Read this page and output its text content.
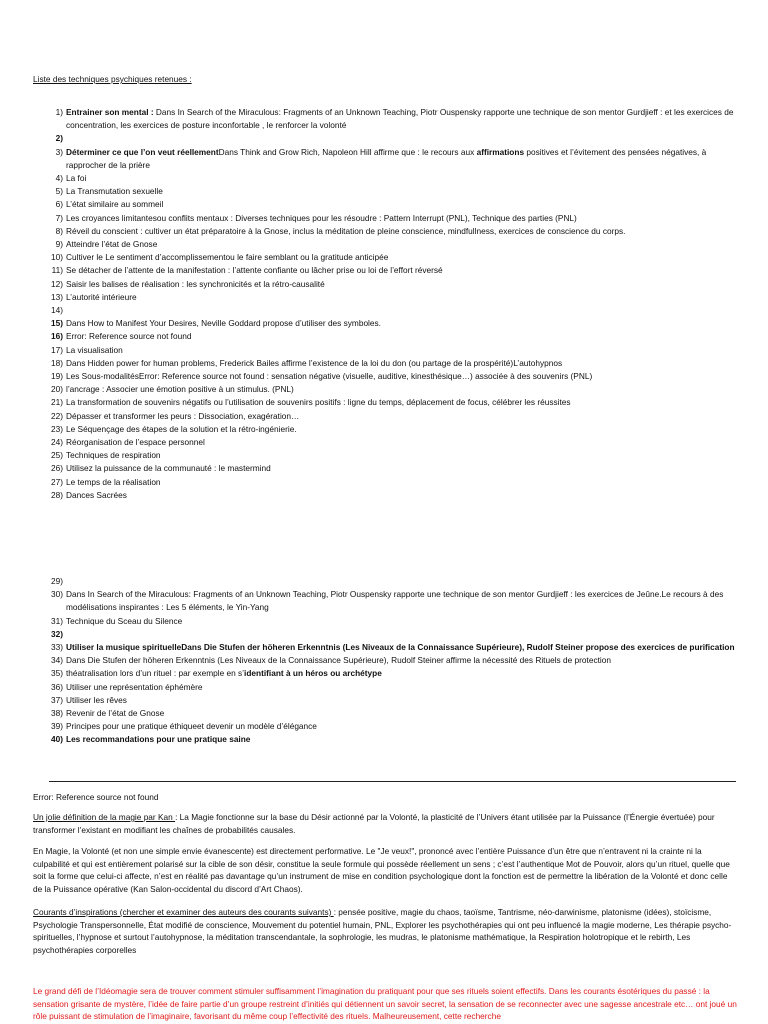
Liste des techniques psychiques retenues :
1) Entrainer son mental : Dans In Search of the Miraculous: Fragments of an Unknown Teaching, Piotr Ouspensky rapporte une technique de son mentor Gurdjieff : et les exercices de concentration, les exercices de posture inconfortable , le renforcer la volonté
2)

3) Déterminer ce que l’on veut réellementDans Think and Grow Rich, Napoleon Hill affirme que : le recours aux affirmations positives et l’évitement des pensées négatives, à rapprocher de la prière
4) La foi
5) La Transmutation sexuelle
6) L’état similaire au sommeil
7) Les croyances limitantesou conflits mentaux : Diverses techniques pour les résoudre : Pattern Interrupt (PNL), Technique des parties (PNL)
8) Réveil du conscient : cultiver un état préparatoire à la Gnose, inclus la méditation de pleine conscience, mindfullness, exercices de conscience du corps.
9) Atteindre l’état de Gnose
10) Cultiver le Le sentiment d’accomplissementou le faire semblant ou la gratitude anticipée
11) Se détacher de l’attente de la manifestation : l’attente confiante ou lâcher prise ou loi de l’effort réversé
12) Saisir les balises de réalisation : les synchronicités et la rétro-causalité
13) L’autorité intérieure
14)

15) Dans How to Manifest Your Desires, Neville Goddard propose d’utiliser des symboles.
16) Error: Reference source not found
17) La visualisation
18) Dans Hidden power for human problems, Frederick Bailes affirme l’existence de la loi du don (ou partage de la prospérité)L’autohypnos
19) Les Sous-modalitésError: Reference source not found : sensation négative (visuelle, auditive, kinesthésique…) associée à des souvenirs (PNL)
20) l’ancrage : Associer une émotion positive à un stimulus. (PNL)
21) La transformation de souvenirs négatifs ou l’utilisation de souvenirs positifs : ligne du temps, déplacement de focus, célébrer les réussites
22) Dépasser et transformer les peurs : Dissociation, exagération…
23) Le Séquençage des étapes de la solution et la rétro-ingénierie.
24) Réorganisation de l’espace personnel
25) Techniques de respiration
26) Utilisez la puissance de la communauté : le mastermind
27) Le temps de la réalisation
28) Dances Sacrées
29)

30) Dans In Search of the Miraculous: Fragments of an Unknown Teaching, Piotr Ouspensky rapporte une technique de son mentor Gurdjieff : les exercices de Jeûne.Le recours à des modélisations inspirantes : Les 5 éléments, le Yin-Yang
31) Technique du Sceau du Silence
32)

33) Utiliser la musique spirituelleDans Die Stufen der höheren Erkenntnis (Les Niveaux de la Connaissance Supérieure), Rudolf Steiner propose des exercices de purification
34) Dans Die Stufen der höheren Erkenntnis (Les Niveaux de la Connaissance Supérieure), Rudolf Steiner affirme la nécessité des Rituels de protection
35) théatralisation lors d’un rituel : par exemple en s’identifiant à un héros ou archétype
36) Utiliser une représentation éphémère
37) Utiliser les rêves
38) Revenir de l’état de Gnose
39) Principes pour une pratique éthiqueet devenir un modèle d’élégance
40) Les recommandations pour une pratique saine
Error: Reference source not found
Un jolie définition de la magie par Kan : La Magie fonctionne sur la base du Désir actionné par la Volonté, la plasticité de l’Univers étant utilisée par la Puissance (l’Énergie évertuée) pour transformer l’existant en modifiant les chaînes de probabilités causales.
En Magie, la Volonté (et non une simple envie évanescente) est directement performative. Le "Je veux!", prononcé avec l’entière Puissance d’un être que n’entravent ni la crainte ni la culpabilité et qui est entièrement polarisé sur la cible de son désir, constitue la seule formule qui possède réellement un sens ; c’est l’authentique Mot de Pouvoir, alors qu’un rituel, quelle que soit la forme que celui-ci affecte, n’est en réalité pas davantage qu’un instrument de mise en condition psychologique dont la fonction est de permettre la libération de la Volonté et donc celle de la Puissance opérative (Kan Salon-occidental du discord d’Art Chaos).
Courants d’inspirations (chercher et examiner des auteurs des courants suivants) : pensée positive, magie du chaos, taoïsme, Tantrisme, néo-darwinisme, platonisme (idées), stoïcisme, Psychologie Transpersonnelle, État modifié de conscience, Mouvement du potentiel humain, PNL, Explorer les psychothérapies qui ont peu influencé la magie moderne, Les thérapie psycho-spirituelles, l’hypnose et surtout l’autohypnose, la méditation transcendantale, la sophrologie, les mudras, le platonisme mathématique, la Respiration holotropique et le rebirth, Les psychothérapies corporelles
Le grand défi de l’Idéomagie sera de trouver comment stimuler suffisamment l’imagination du pratiquant pour que ses rituels soient effectifs. Dans les courants ésotériques du passé : la sensation grisante de mystère, l’idée de faire partie d’un groupe restreint d’initiés qui détiennent un savoir secret, la sensation de se reconnecter avec une sagesse ancestrale etc… ont joué un rôle puissant de stimulation de l’imaginaire, favorisant du même coup l’effectivité des rituels. Malheureusement, cette recherche
